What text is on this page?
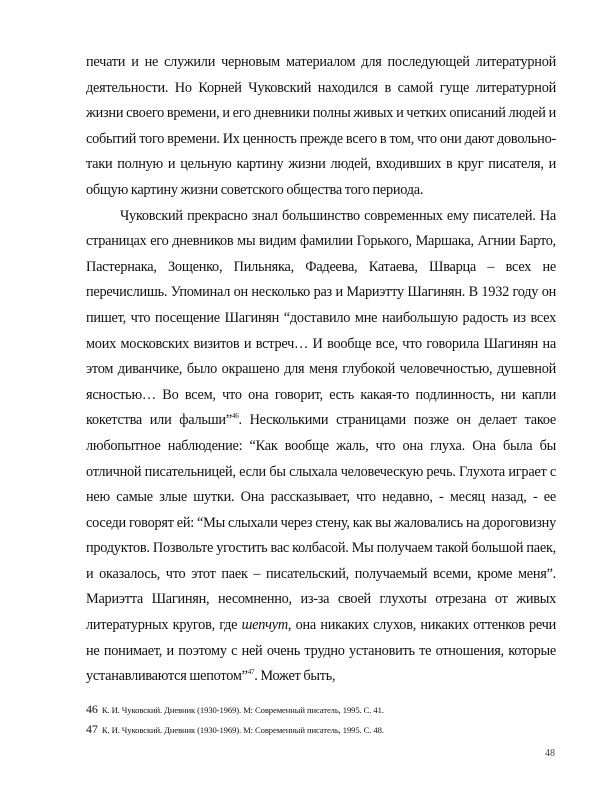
печати и не служили черновым материалом для последующей литературной деятельности. Но Корней Чуковский находился в самой гуще литературной жизни своего времени, и его дневники полны живых и четких описаний людей и событий того времени. Их ценность прежде всего в том, что они дают довольно-таки полную и цельную картину жизни людей, входивших в круг писателя, и общую картину жизни советского общества того периода.

Чуковский прекрасно знал большинство современных ему писателей. На страницах его дневников мы видим фамилии Горького, Маршака, Агнии Барто, Пастернака, Зощенко, Пильняка, Фадеева, Катаева, Шварца – всех не перечислишь. Упоминал он несколько раз и Мариэтту Шагинян. В 1932 году он пишет, что посещение Шагинян “доставило мне наибольшую радость из всех моих московских визитов и встреч… И вообще все, что говорила Шагинян на этом диванчике, было окрашено для меня глубокой человечностью, душевной ясностью… Во всем, что она говорит, есть какая-то подлинность, ни капли кокетства или фальши”$^{46}$. Несколькими страницами позже он делает такое любопытное наблюдение: “Как вообще жаль, что она глуха. Она была бы отличной писательницей, если бы слыхала человеческую речь. Глухота играет с нею самые злые шутки. Она рассказывает, что недавно, - месяц назад, - ее соседи говорят ей: “Мы слыхали через стену, как вы жаловались на дороговизну продуктов. Позвольте угостить вас колбасой. Мы получаем такой большой паек, и оказалось, что этот паек – писательский, получаемый всеми, кроме меня”. Мариэтта Шагинян, несомненно, из-за своей глухоты отрезана от живых литературных кругов, где шепчут, она никаких слухов, никаких оттенков речи не понимает, и поэтому с ней очень трудно установить те отношения, которые устанавливаются шепотом”$^{47}$. Может быть,

46 К. И. Чуковский. Дневник (1930-1969). М: Современный писатель, 1995. С. 41.
47 К. И. Чуковский. Дневник (1930-1969). М: Современный писатель, 1995. С. 48.
48
